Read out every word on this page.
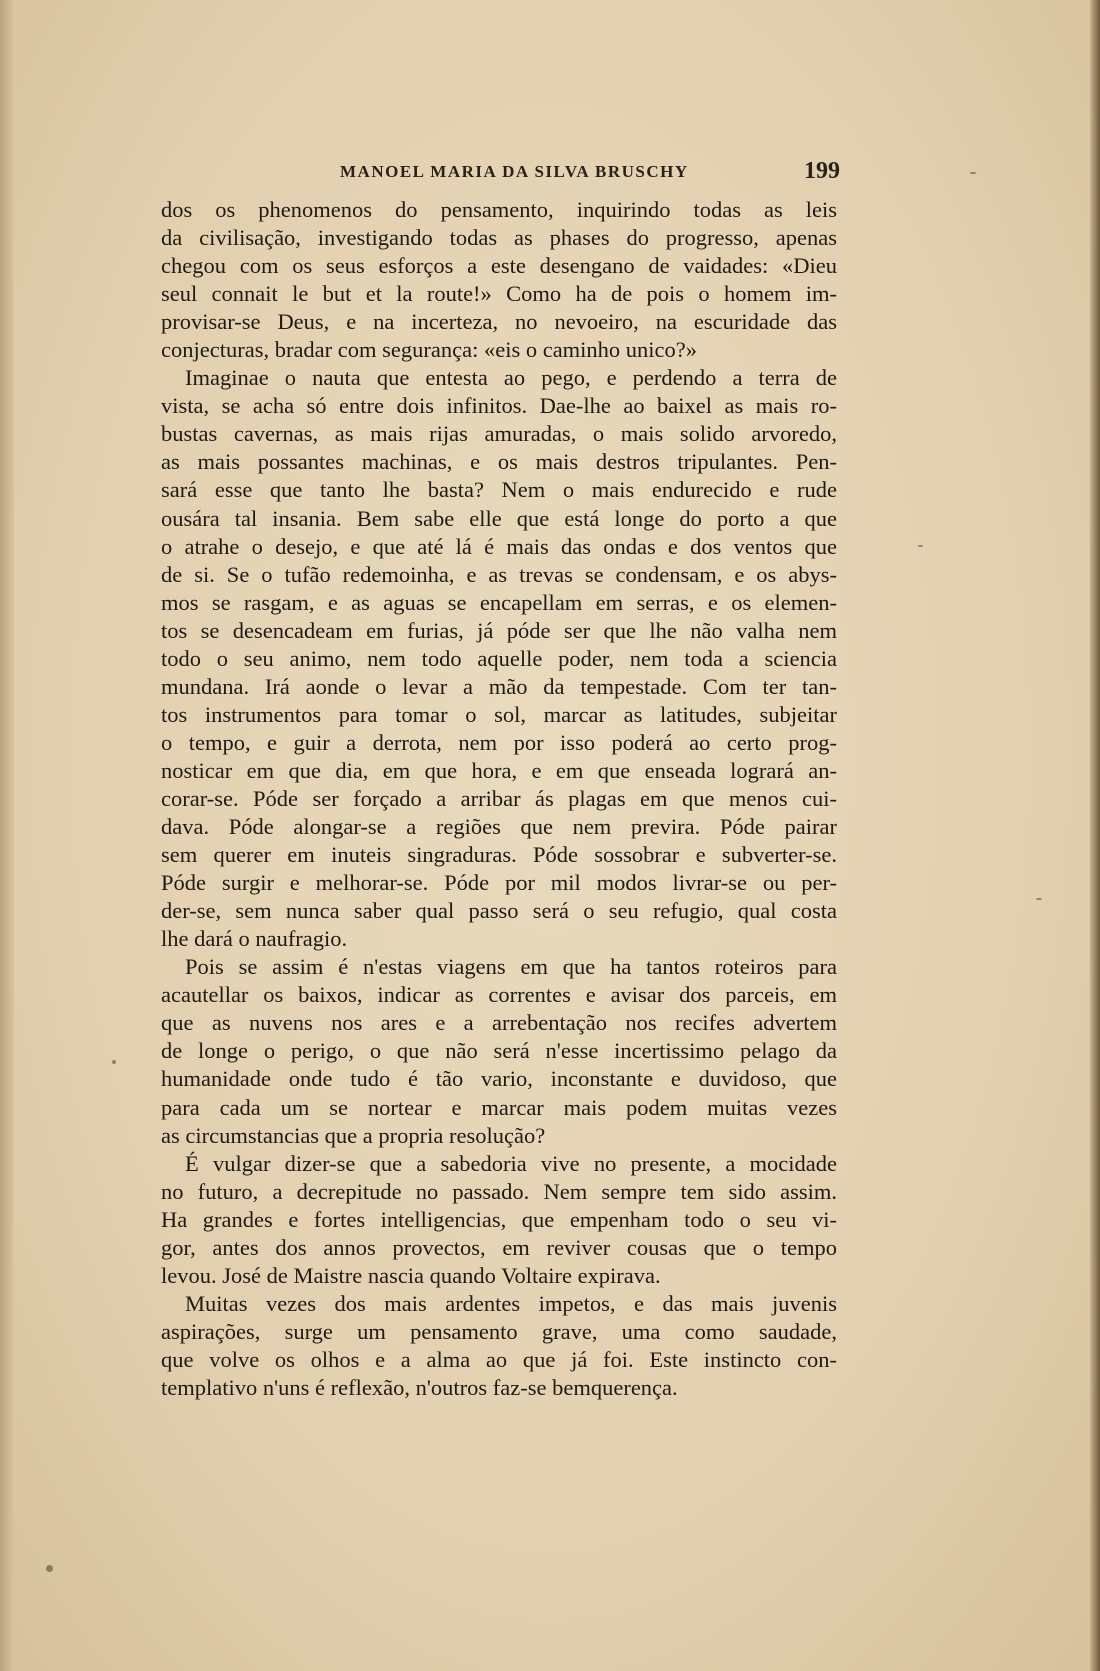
MANOEL MARIA DA SILVA BRUSCHY	199
dos os phenomenos do pensamento, inquirindo todas as leis
da civilisação, investigando todas as phases do progresso, apenas
chegou com os seus esforços a este desengano de vaidades: «Dieu
seul connait le but et la route!» Como ha de pois o homem im-
provisar-se Deus, e na incerteza, no nevoeiro, na escuridade das
conjecturas, bradar com segurança: «eis o caminho unico?»
Imaginae o nauta que entesta ao pego, e perdendo a terra de
vista, se acha só entre dois infinitos. Dae-lhe ao baixel as mais ro-
bustas cavernas, as mais rijas amuradas, o mais solido arvoredo,
as mais possantes machinas, e os mais destros tripulantes. Pen-
sará esse que tanto lhe basta? Nem o mais endurecido e rude
ousára tal insania. Bem sabe elle que está longe do porto a que
o atrahe o desejo, e que até lá é mais das ondas e dos ventos que
de si. Se o tufão redemoinha, e as trevas se condensam, e os abys-
mos se rasgam, e as aguas se encapellam em serras, e os elemen-
tos se desencadeam em furias, já póde ser que lhe não valha nem
todo o seu animo, nem todo aquelle poder, nem toda a sciencia
mundana. Irá aonde o levar a mão da tempestade. Com ter tan-
tos instrumentos para tomar o sol, marcar as latitudes, subjeitar
o tempo, e guir a derrota, nem por isso poderá ao certo prog-
nosticar em que dia, em que hora, e em que enseada logrará an-
corar-se. Póde ser forçado a arribar ás plagas em que menos cui-
dava. Póde alongar-se a regiões que nem previra. Póde pairar
sem querer em inuteis singraduras. Póde sossobrar e subverter-se.
Póde surgir e melhorar-se. Póde por mil modos livrar-se ou per-
der-se, sem nunca saber qual passo será o seu refugio, qual costa
lhe dará o naufragio.
Pois se assim é n'estas viagens em que ha tantos roteiros para
acautellar os baixos, indicar as correntes e avisar dos parceis, em
que as nuvens nos ares e a arrebentação nos recifes advertem
de longe o perigo, o que não será n'esse incertissimo pelago da
humanidade onde tudo é tão vario, inconstante e duvidoso, que
para cada um se nortear e marcar mais podem muitas vezes
as circumstancias que a propria resolução?
É vulgar dizer-se que a sabedoria vive no presente, a mocidade
no futuro, a decrepitude no passado. Nem sempre tem sido assim.
Ha grandes e fortes intelligencias, que empenham todo o seu vi-
gor, antes dos annos provectos, em reviver cousas que o tempo
levou. José de Maistre nascia quando Voltaire expirava.
Muitas vezes dos mais ardentes impetos, e das mais juvenis
aspirações, surge um pensamento grave, uma como saudade,
que volve os olhos e a alma ao que já foi. Este instincto con-
templativo n'uns é reflexão, n'outros faz-se bemquerença.
